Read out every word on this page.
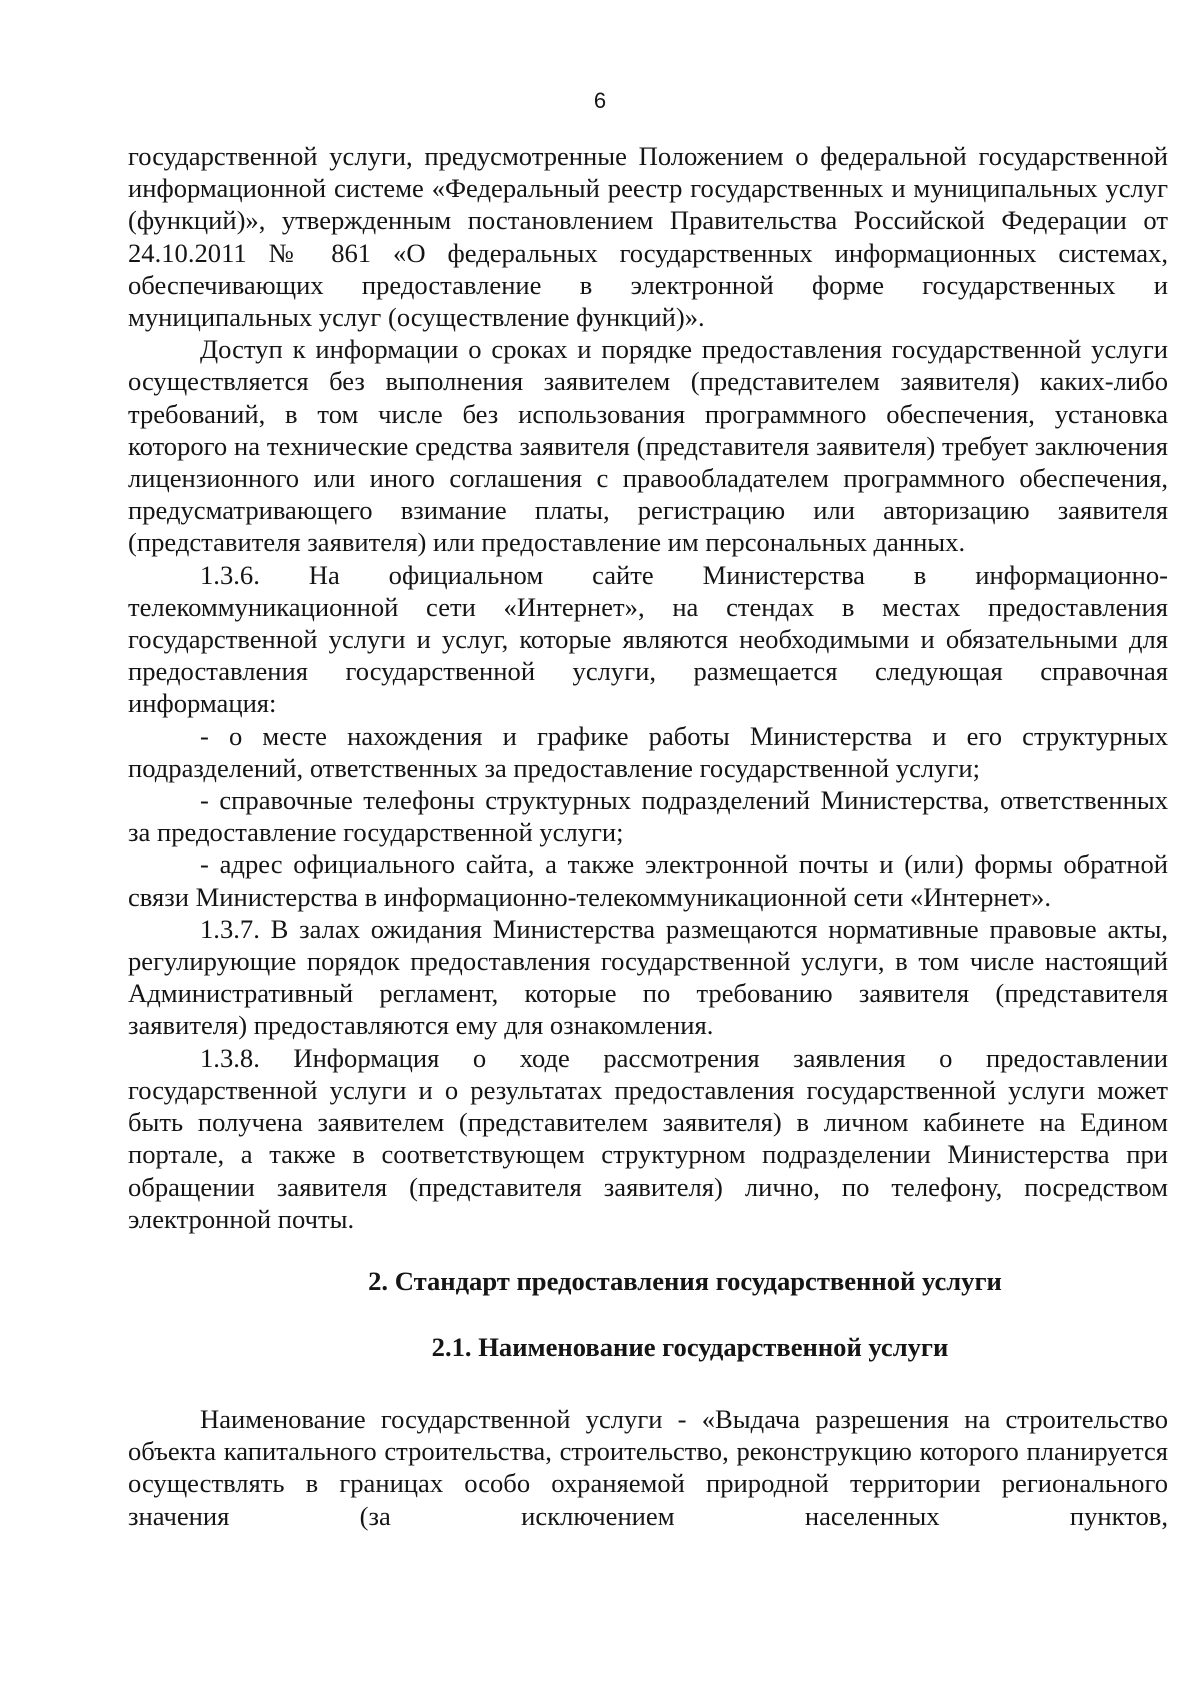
6

государственной услуги, предусмотренные Положением о федеральной государственной информационной системе «Федеральный реестр государственных и муниципальных услуг (функций)», утвержденным постановлением Правительства Российской Федерации от 24.10.2011 № 861 «О федеральных государственных информационных системах, обеспечивающих предоставление в электронной форме государственных и муниципальных услуг (осуществление функций)».

Доступ к информации о сроках и порядке предоставления государственной услуги осуществляется без выполнения заявителем (представителем заявителя) каких-либо требований, в том числе без использования программного обеспечения, установка которого на технические средства заявителя (представителя заявителя) требует заключения лицензионного или иного соглашения с правообладателем программного обеспечения, предусматривающего взимание платы, регистрацию или авторизацию заявителя (представителя заявителя) или предоставление им персональных данных.

1.3.6. На официальном сайте Министерства в информационно-телекоммуникационной сети «Интернет», на стендах в местах предоставления государственной услуги и услуг, которые являются необходимыми и обязательными для предоставления государственной услуги, размещается следующая справочная информация:

- о месте нахождения и графике работы Министерства и его структурных подразделений, ответственных за предоставление государственной услуги;

- справочные телефоны структурных подразделений Министерства, ответственных за предоставление государственной услуги;

- адрес официального сайта, а также электронной почты и (или) формы обратной связи Министерства в информационно-телекоммуникационной сети «Интернет».

1.3.7. В залах ожидания Министерства размещаются нормативные правовые акты, регулирующие порядок предоставления государственной услуги, в том числе настоящий Административный регламент, которые по требованию заявителя (представителя заявителя) предоставляются ему для ознакомления.

1.3.8. Информация о ходе рассмотрения заявления о предоставлении государственной услуги и о результатах предоставления государственной услуги может быть получена заявителем (представителем заявителя) в личном кабинете на Едином портале, а также в соответствующем структурном подразделении Министерства при обращении заявителя (представителя заявителя) лично, по телефону, посредством электронной почты.

2. Стандарт предоставления государственной услуги
2.1. Наименование государственной услуги

Наименование государственной услуги - «Выдача разрешения на строительство объекта капитального строительства, строительство, реконструкцию которого планируется осуществлять в границах особо охраняемой природной территории регионального значения (за исключением населенных пунктов,
